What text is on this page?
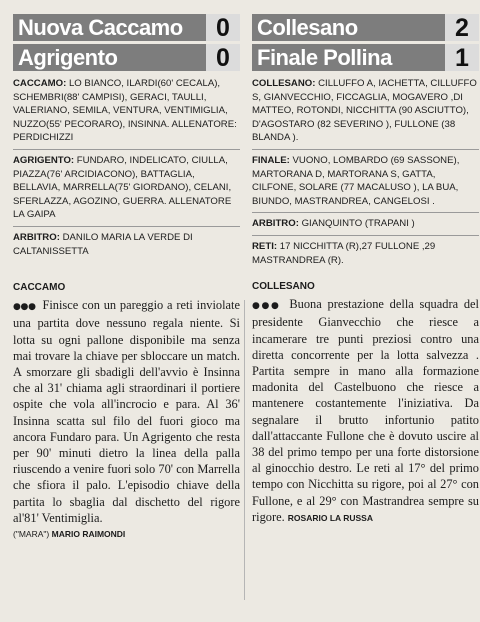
Nuova Caccamo	0
Agrigento	0
CACCAMO: LO BIANCO, ILARDI(60' CECALA), SCHEMBRI(88' CAMPISI), GERACI, TAULLI, VALERIANO, SEMILA, VENTURA, VENTIMIGLIA, NUZZO(55' PECORARO), INSINNA. ALLENATORE: PERDICHIZZI
AGRIGENTO: FUNDARO, INDELICATO, CIULLA, PIAZZA(76' ARCIDIACONO), BATTAGLIA, BELLAVIA, MARRELLA(75' GIORDANO), CELANI, SFERLAZZA, AGOZINO, GUERRA. ALLENATORE LA GAIPA
ARBITRO: DANILO MARIA LA VERDE DI CALTANISSETTA
CACCAMO
●●● Finisce con un pareggio a reti inviolate una partita dove nessuno regala niente. Si lotta su ogni pallone disponibile ma senza mai trovare la chiave per sbloccare un match. A smorzare gli sbadigli dell'avvio è Insinna che al 31' chiama agli straordinari il portiere ospite che vola all'incrocio e para. Al 36' Insinna scatta sul filo del fuori gioco ma ancora Fundaro para. Un Agrigento che resta per 90' minuti dietro la linea della palla riuscendo a venire fuori solo 70' con Marrella che sfiora il palo. L'episodio chiave della partita lo sbaglia dal dischetto del rigore al'81' Ventimiglia.
("MARA") MARIO RAIMONDI
Collesano	2
Finale Pollina	1
COLLESANO: CILLUFFO A, IACHETTA, CILLUFFO S, GIANVECCHIO, FICCAGLIA, MOGAVERO ,DI MATTEO, ROTONDI, NICCHITTA (90 ASCIUTTO), D'AGOSTARO (82 SEVERINO ), FULLONE (38 BLANDA ).
FINALE: VUONO, LOMBARDO (69 SASSONE), MARTORANA D, MARTORANA S, GATTA, CILFONE, SOLARE (77 MACALUSO ), LA BUA, BIUNDO, MASTRANDREA, CANGELOSI .
ARBITRO: GIANQUINTO (TRAPANI )
RETI: 17 NICCHITTA (R),27 FULLONE ,29 MASTRANDREA (R).
COLLESANO
●●● Buona prestazione della squadra del presidente Gianvecchio che riesce a incamerare tre punti preziosi contro una diretta concorrente per la lotta salvezza . Partita sempre in mano alla formazione madonita del Castelbuono che riesce a mantenere costantemente l'iniziativa. Da segnalare il brutto infortunio patito dall'attaccante Fullone che è dovuto uscire al 38 del primo tempo per una forte distorsione al ginocchio destro. Le reti al 17° del primo tempo con Nicchitta su rigore, poi al 27° con Fullone, e al 29° con Mastrandrea sempre su rigore. ROSARIO LA RUSSA
